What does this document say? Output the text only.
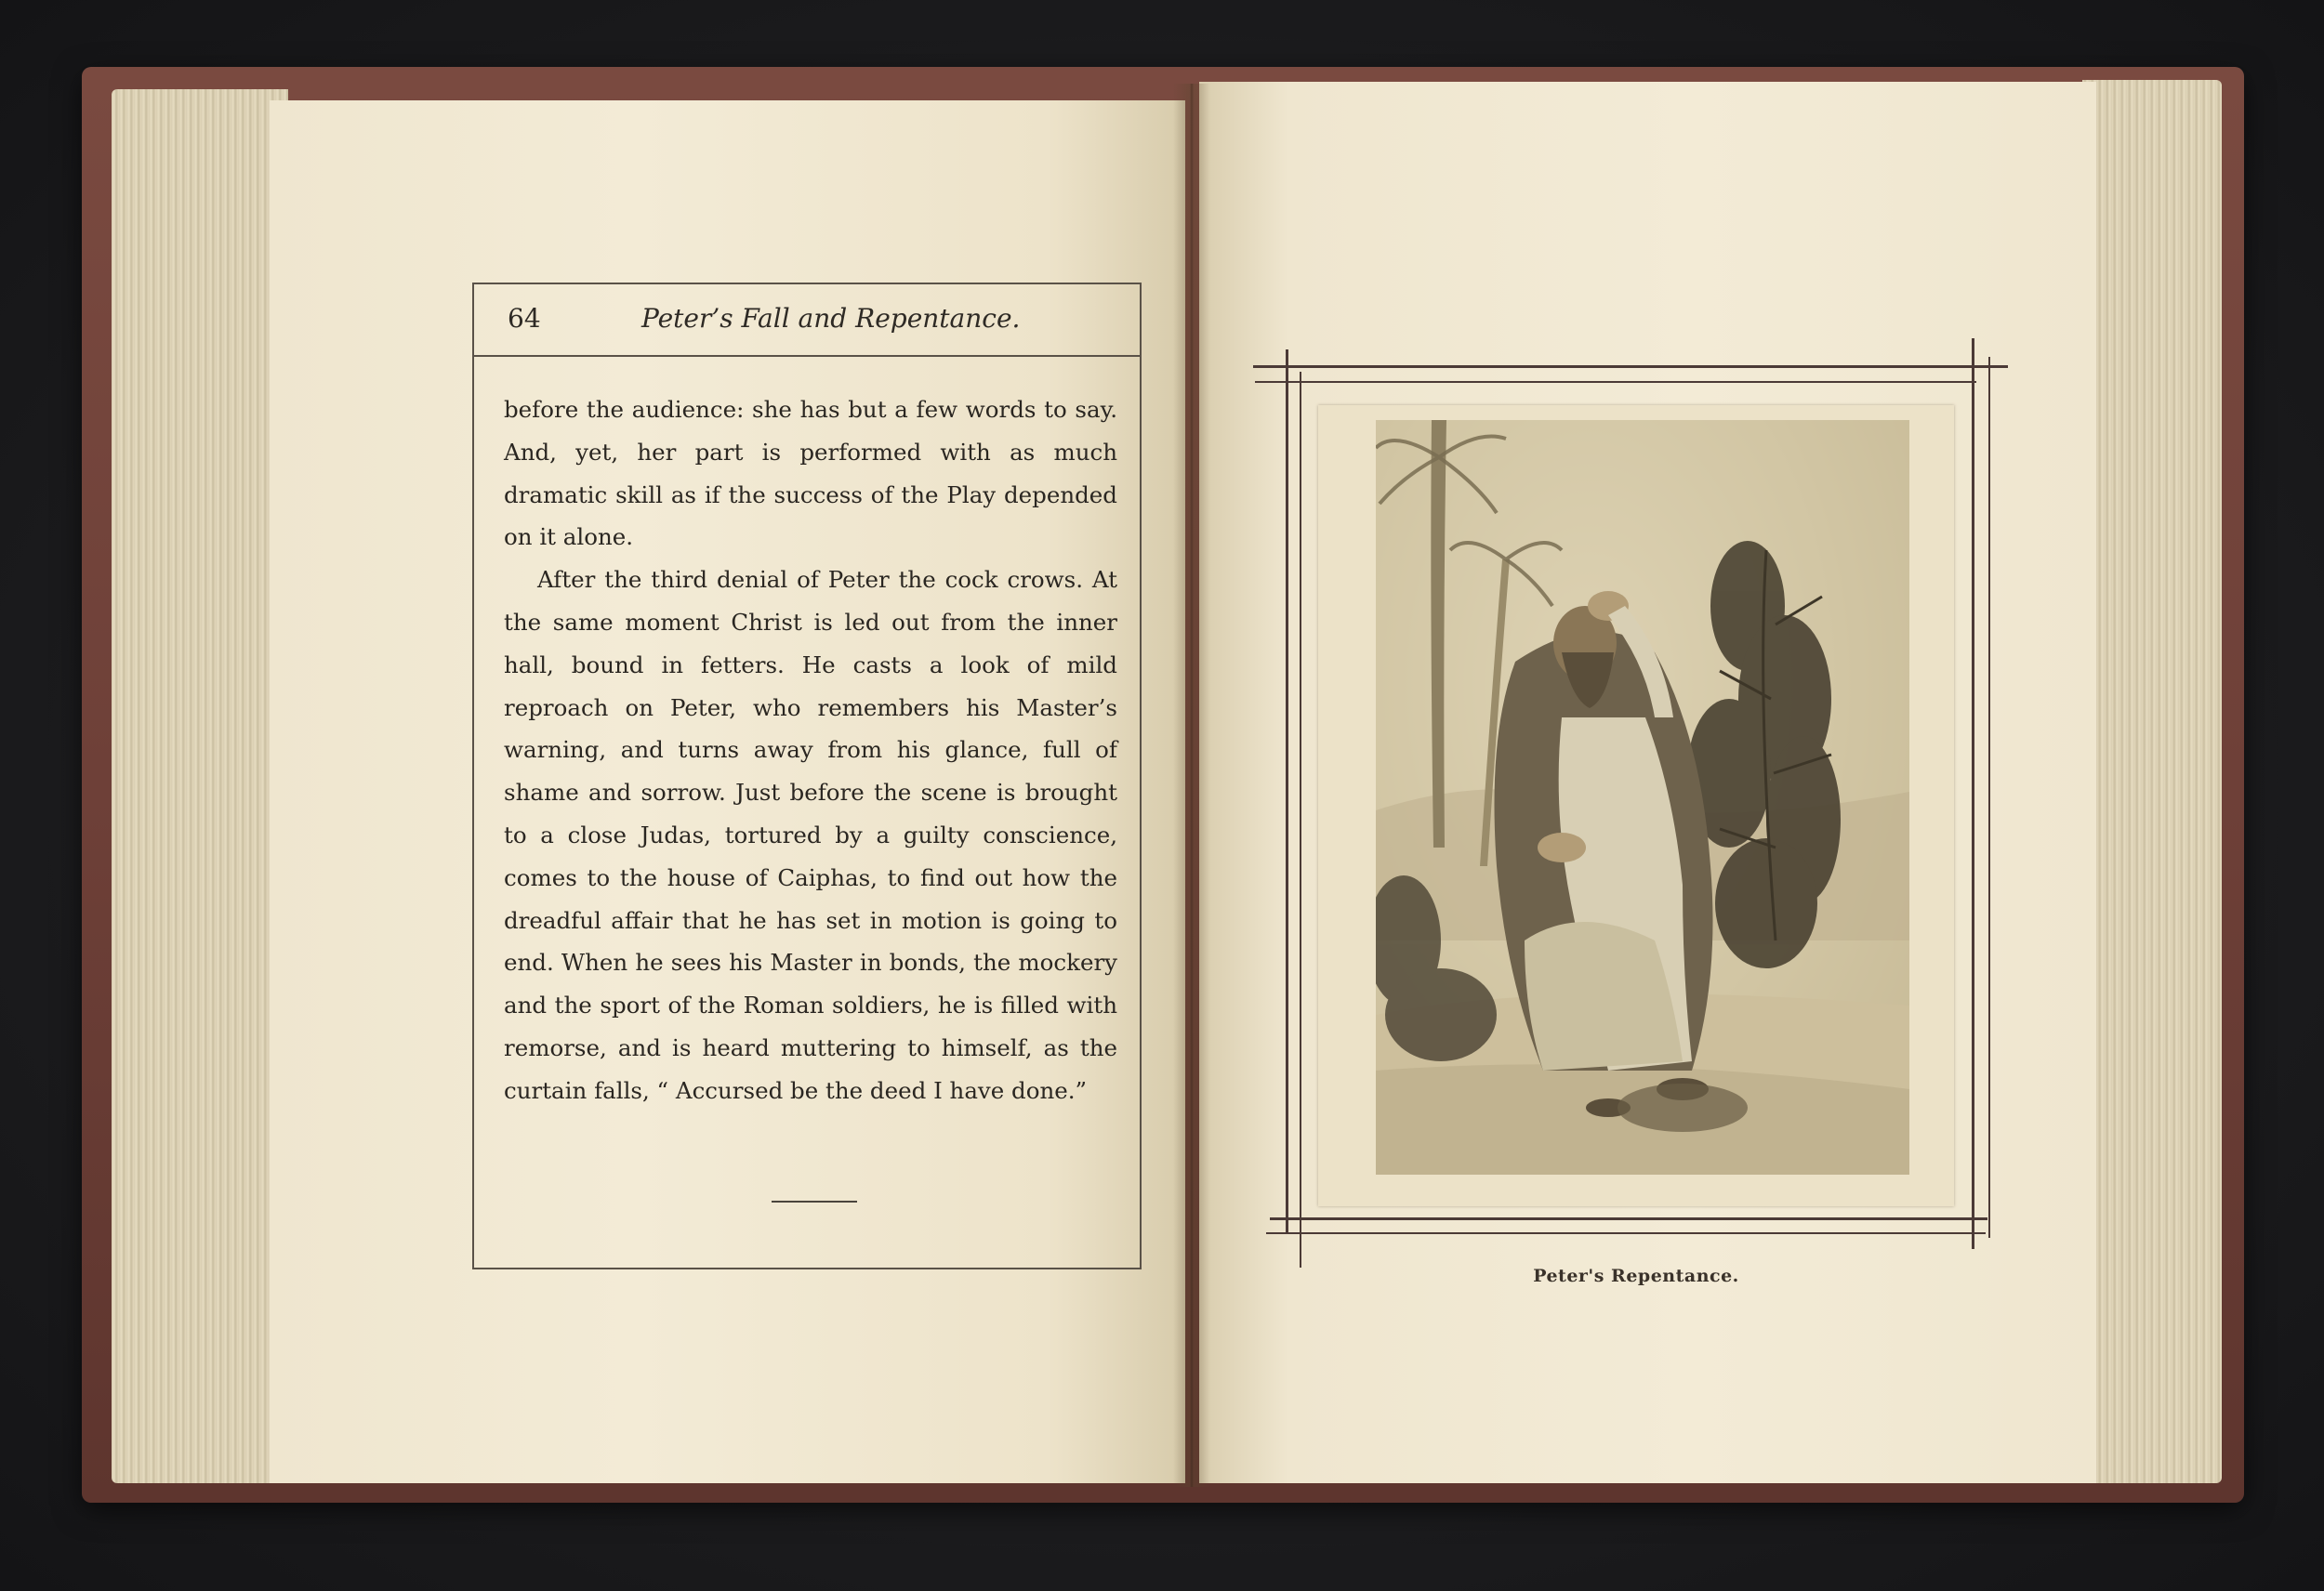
64	Peter’s Fall and Repentance.

before the audience: she has but a few words to say. And, yet, her part is performed with as much dramatic skill as if the success of the Play depended on it alone.

After the third denial of Peter the cock crows. At the same moment Christ is led out from the inner hall, bound in fetters. He casts a look of mild reproach on Peter, who remembers his Master’s warning, and turns away from his glance, full of shame and sorrow. Just before the scene is brought to a close Judas, tortured by a guilty conscience, comes to the house of Caiphas, to find out how the dreadful affair that he has set in motion is going to end. When he sees his Master in bonds, the mockery and the sport of the Roman soldiers, he is filled with remorse, and is heard muttering to himself, as the curtain falls, “ Accursed be the deed I have done.”

Peter's Repentance.
